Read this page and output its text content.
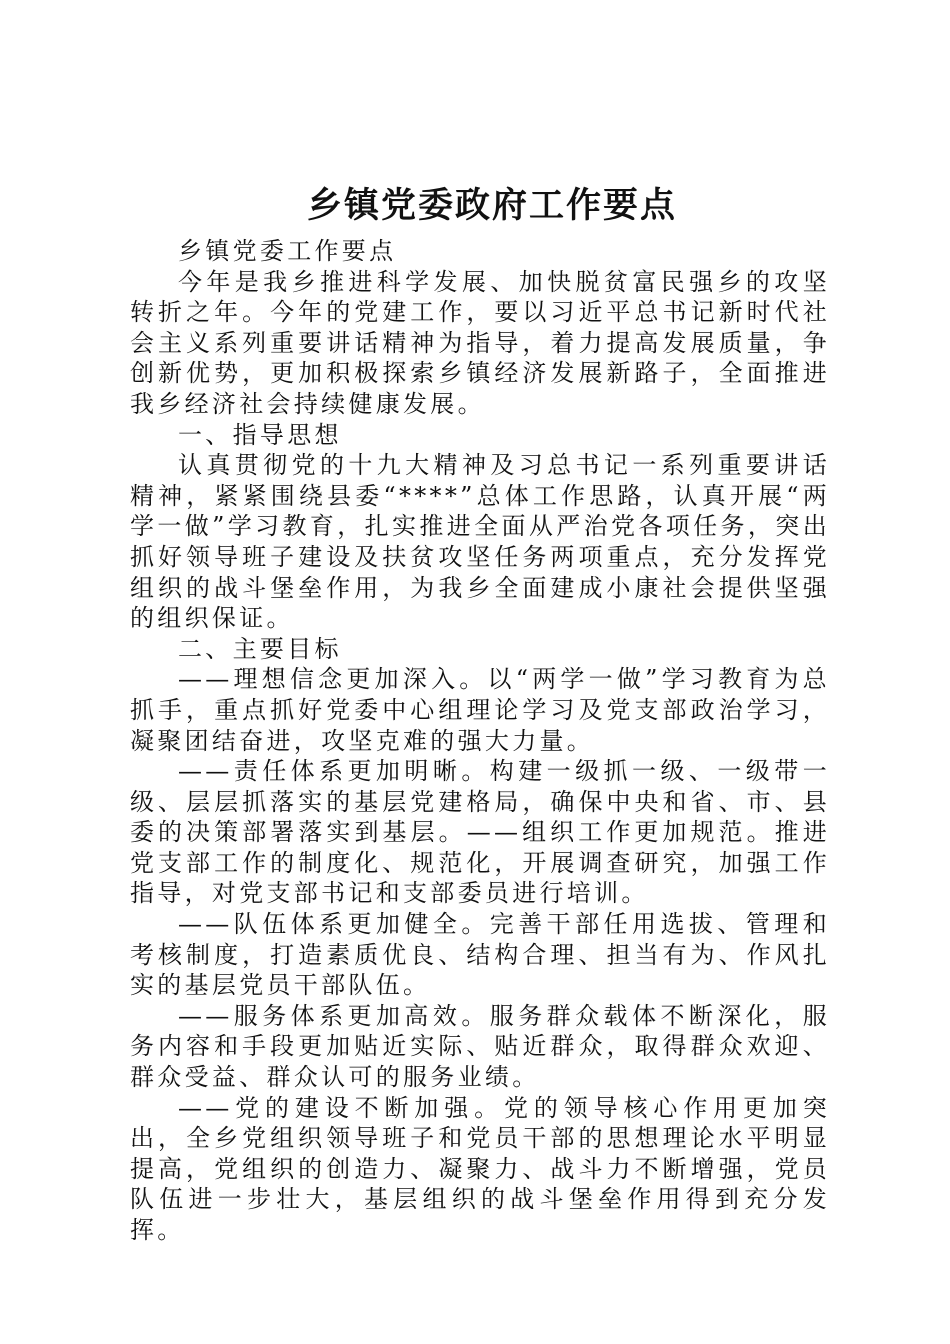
乡镇党委政府工作要点

乡镇党委工作要点

今年是我乡推进科学发展、加快脱贫富民强乡的攻坚转折之年。今年的党建工作，要以习近平总书记新时代社会主义系列重要讲话精神为指导，着力提高发展质量，争创新优势，更加积极探索乡镇经济发展新路子，全面推进我乡经济社会持续健康发展。

一、指导思想

认真贯彻党的十九大精神及习总书记一系列重要讲话精神，紧紧围绕县委“****”总体工作思路，认真开展“两学一做”学习教育，扎实推进全面从严治党各项任务，突出抓好领导班子建设及扶贫攻坚任务两项重点，充分发挥党组织的战斗堡垒作用，为我乡全面建成小康社会提供坚强的组织保证。

二、主要目标

——理想信念更加深入。以“两学一做”学习教育为总抓手，重点抓好党委中心组理论学习及党支部政治学习，凝聚团结奋进，攻坚克难的强大力量。

——责任体系更加明晰。构建一级抓一级、一级带一级、层层抓落实的基层党建格局，确保中央和省、市、县委的决策部署落实到基层。——组织工作更加规范。推进党支部工作的制度化、规范化，开展调查研究，加强工作指导，对党支部书记和支部委员进行培训。

——队伍体系更加健全。完善干部任用选拔、管理和考核制度，打造素质优良、结构合理、担当有为、作风扎实的基层党员干部队伍。

——服务体系更加高效。服务群众载体不断深化，服务内容和手段更加贴近实际、贴近群众，取得群众欢迎、群众受益、群众认可的服务业绩。

——党的建设不断加强。党的领导核心作用更加突出，全乡党组织领导班子和党员干部的思想理论水平明显提高，党组织的创造力、凝聚力、战斗力不断增强，党员队伍进一步壮大，基层组织的战斗堡垒作用得到充分发挥。
